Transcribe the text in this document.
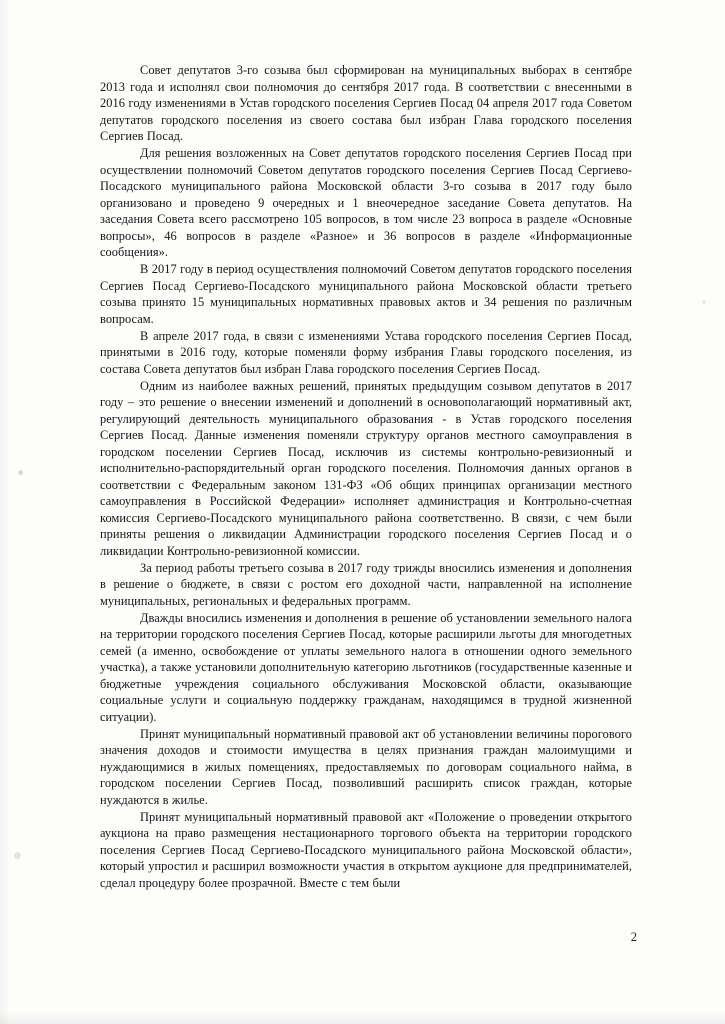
Совет депутатов 3-го созыва был сформирован на муниципальных выборах в сентябре 2013 года и исполнял свои полномочия до сентября 2017 года. В соответствии с внесенными в 2016 году изменениями в Устав городского поселения Сергиев Посад 04 апреля 2017 года Советом депутатов городского поселения из своего состава был избран Глава городского поселения Сергиев Посад.

Для решения возложенных на Совет депутатов городского поселения Сергиев Посад при осуществлении полномочий Советом депутатов городского поселения Сергиев Посад Сергиево-Посадского муниципального района Московской области 3-го созыва в 2017 году было организовано и проведено 9 очередных и 1 внеочередное заседание Совета депутатов. На заседания Совета всего рассмотрено 105 вопросов, в том числе 23 вопроса в разделе «Основные вопросы», 46 вопросов в разделе «Разное» и 36 вопросов в разделе «Информационные сообщения».

В 2017 году в период осуществления полномочий Советом депутатов городского поселения Сергиев Посад Сергиево-Посадского муниципального района Московской области третьего созыва принято 15 муниципальных нормативных правовых актов и 34 решения по различным вопросам.

В апреле 2017 года, в связи с изменениями Устава городского поселения Сергиев Посад, принятыми в 2016 году, которые поменяли форму избрания Главы городского поселения, из состава Совета депутатов был избран Глава городского поселения Сергиев Посад.

Одним из наиболее важных решений, принятых предыдущим созывом депутатов в 2017 году – это решение о внесении изменений и дополнений в основополагающий нормативный акт, регулирующий деятельность муниципального образования - в Устав городского поселения Сергиев Посад. Данные изменения поменяли структуру органов местного самоуправления в городском поселении Сергиев Посад, исключив из системы контрольно-ревизионный и исполнительно-распорядительный орган городского поселения. Полномочия данных органов в соответствии с Федеральным законом 131-ФЗ «Об общих принципах организации местного самоуправления в Российской Федерации» исполняет администрация и Контрольно-счетная комиссия Сергиево-Посадского муниципального района соответственно. В связи, с чем были приняты решения о ликвидации Администрации городского поселения Сергиев Посад и о ликвидации Контрольно-ревизионной комиссии.

За период работы третьего созыва в 2017 году трижды вносились изменения и дополнения в решение о бюджете, в связи с ростом его доходной части, направленной на исполнение муниципальных, региональных и федеральных программ.

Дважды вносились изменения и дополнения в решение об установлении земельного налога на территории городского поселения Сергиев Посад, которые расширили льготы для многодетных семей (а именно, освобождение от уплаты земельного налога в отношении одного земельного участка), а также установили дополнительную категорию льготников (государственные казенные и бюджетные учреждения социального обслуживания Московской области, оказывающие социальные услуги и социальную поддержку гражданам, находящимся в трудной жизненной ситуации).

Принят муниципальный нормативный правовой акт об установлении величины порогового значения доходов и стоимости имущества в целях признания граждан малоимущими и нуждающимися в жилых помещениях, предоставляемых по договорам социального найма, в городском поселении Сергиев Посад, позволивший расширить список граждан, которые нуждаются в жилье.

Принят муниципальный нормативный правовой акт «Положение о проведении открытого аукциона на право размещения нестационарного торгового объекта на территории городского поселения Сергиев Посад Сергиево-Посадского муниципального района Московской области», который упростил и расширил возможности участия в открытом аукционе для предпринимателей, сделал процедуру более прозрачной. Вместе с тем были

2
